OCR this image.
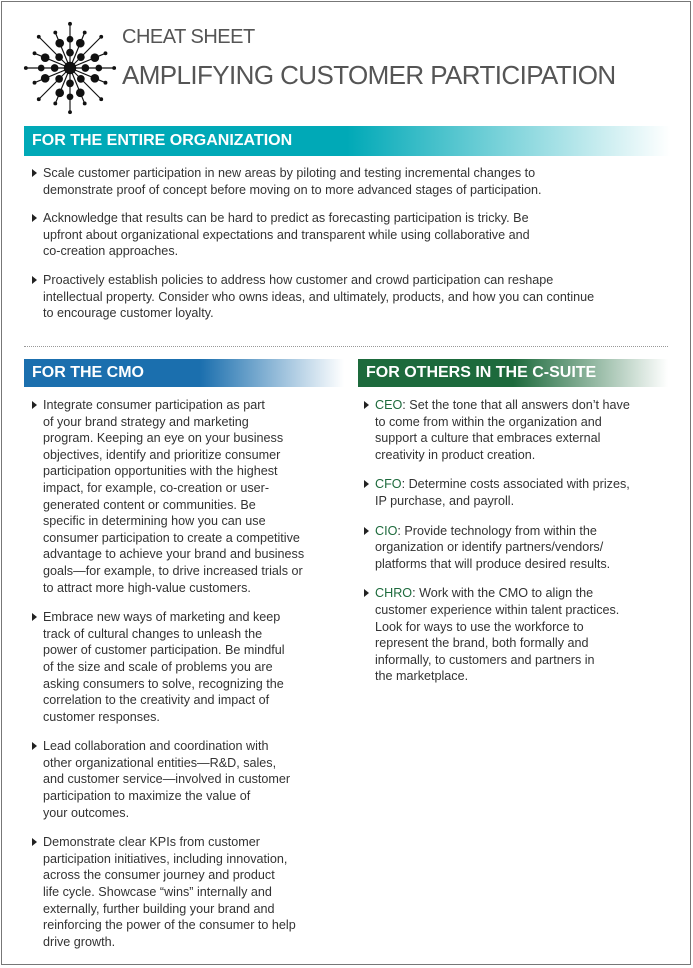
CHEAT SHEET
AMPLIFYING CUSTOMER PARTICIPATION
FOR THE ENTIRE ORGANIZATION
Scale customer participation in new areas by piloting and testing incremental changes to
demonstrate proof of concept before moving on to more advanced stages of participation.
Acknowledge that results can be hard to predict as forecasting participation is tricky. Be
upfront about organizational expectations and transparent while using collaborative and
co-creation approaches.
Proactively establish policies to address how customer and crowd participation can reshape
intellectual property. Consider who owns ideas, and ultimately, products, and how you can continue
to encourage customer loyalty.
FOR THE CMO
Integrate consumer participation as part
of your brand strategy and marketing
program. Keeping an eye on your business
objectives, identify and prioritize consumer
participation opportunities with the highest
impact, for example, co-creation or user-
generated content or communities. Be
specific in determining how you can use
consumer participation to create a competitive
advantage to achieve your brand and business
goals—for example, to drive increased trials or
to attract more high-value customers.
Embrace new ways of marketing and keep
track of cultural changes to unleash the
power of customer participation. Be mindful
of the size and scale of problems you are
asking consumers to solve, recognizing the
correlation to the creativity and impact of
customer responses.
Lead collaboration and coordination with
other organizational entities—R&D, sales,
and customer service—involved in customer
participation to maximize the value of
your outcomes.
Demonstrate clear KPIs from customer
participation initiatives, including innovation,
across the consumer journey and product
life cycle. Showcase “wins” internally and
externally, further building your brand and
reinforcing the power of the consumer to help
drive growth.
FOR OTHERS IN THE C-SUITE
CEO: Set the tone that all answers don’t have
to come from within the organization and
support a culture that embraces external
creativity in product creation.
CFO: Determine costs associated with prizes,
IP purchase, and payroll.
CIO: Provide technology from within the
organization or identify partners/vendors/
platforms that will produce desired results.
CHRO: Work with the CMO to align the
customer experience within talent practices.
Look for ways to use the workforce to
represent the brand, both formally and
informally, to customers and partners in
the marketplace.
